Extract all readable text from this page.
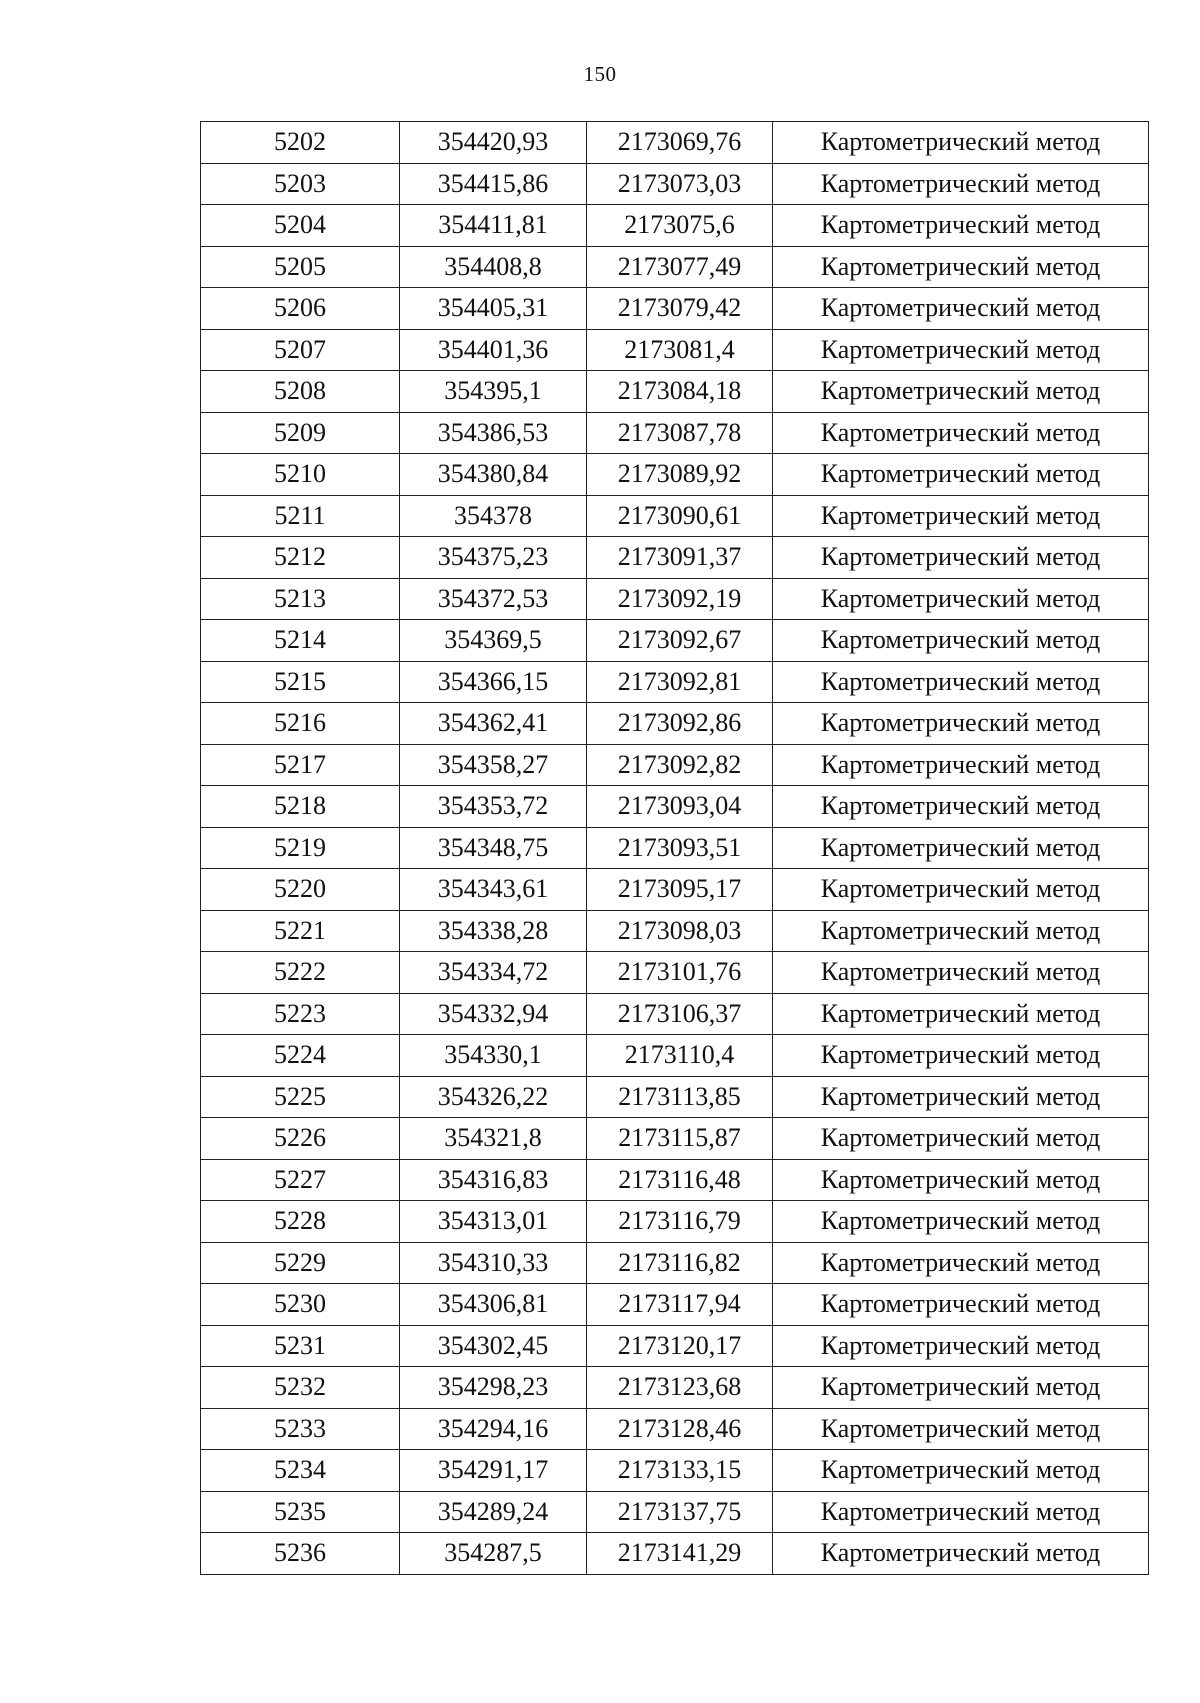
150
5202	354420,93	2173069,76	Картометрический метод
5203	354415,86	2173073,03	Картометрический метод
5204	354411,81	2173075,6	Картометрический метод
5205	354408,8	2173077,49	Картометрический метод
5206	354405,31	2173079,42	Картометрический метод
5207	354401,36	2173081,4	Картометрический метод
5208	354395,1	2173084,18	Картометрический метод
5209	354386,53	2173087,78	Картометрический метод
5210	354380,84	2173089,92	Картометрический метод
5211	354378	2173090,61	Картометрический метод
5212	354375,23	2173091,37	Картометрический метод
5213	354372,53	2173092,19	Картометрический метод
5214	354369,5	2173092,67	Картометрический метод
5215	354366,15	2173092,81	Картометрический метод
5216	354362,41	2173092,86	Картометрический метод
5217	354358,27	2173092,82	Картометрический метод
5218	354353,72	2173093,04	Картометрический метод
5219	354348,75	2173093,51	Картометрический метод
5220	354343,61	2173095,17	Картометрический метод
5221	354338,28	2173098,03	Картометрический метод
5222	354334,72	2173101,76	Картометрический метод
5223	354332,94	2173106,37	Картометрический метод
5224	354330,1	2173110,4	Картометрический метод
5225	354326,22	2173113,85	Картометрический метод
5226	354321,8	2173115,87	Картометрический метод
5227	354316,83	2173116,48	Картометрический метод
5228	354313,01	2173116,79	Картометрический метод
5229	354310,33	2173116,82	Картометрический метод
5230	354306,81	2173117,94	Картометрический метод
5231	354302,45	2173120,17	Картометрический метод
5232	354298,23	2173123,68	Картометрический метод
5233	354294,16	2173128,46	Картометрический метод
5234	354291,17	2173133,15	Картометрический метод
5235	354289,24	2173137,75	Картометрический метод
5236	354287,5	2173141,29	Картометрический метод
